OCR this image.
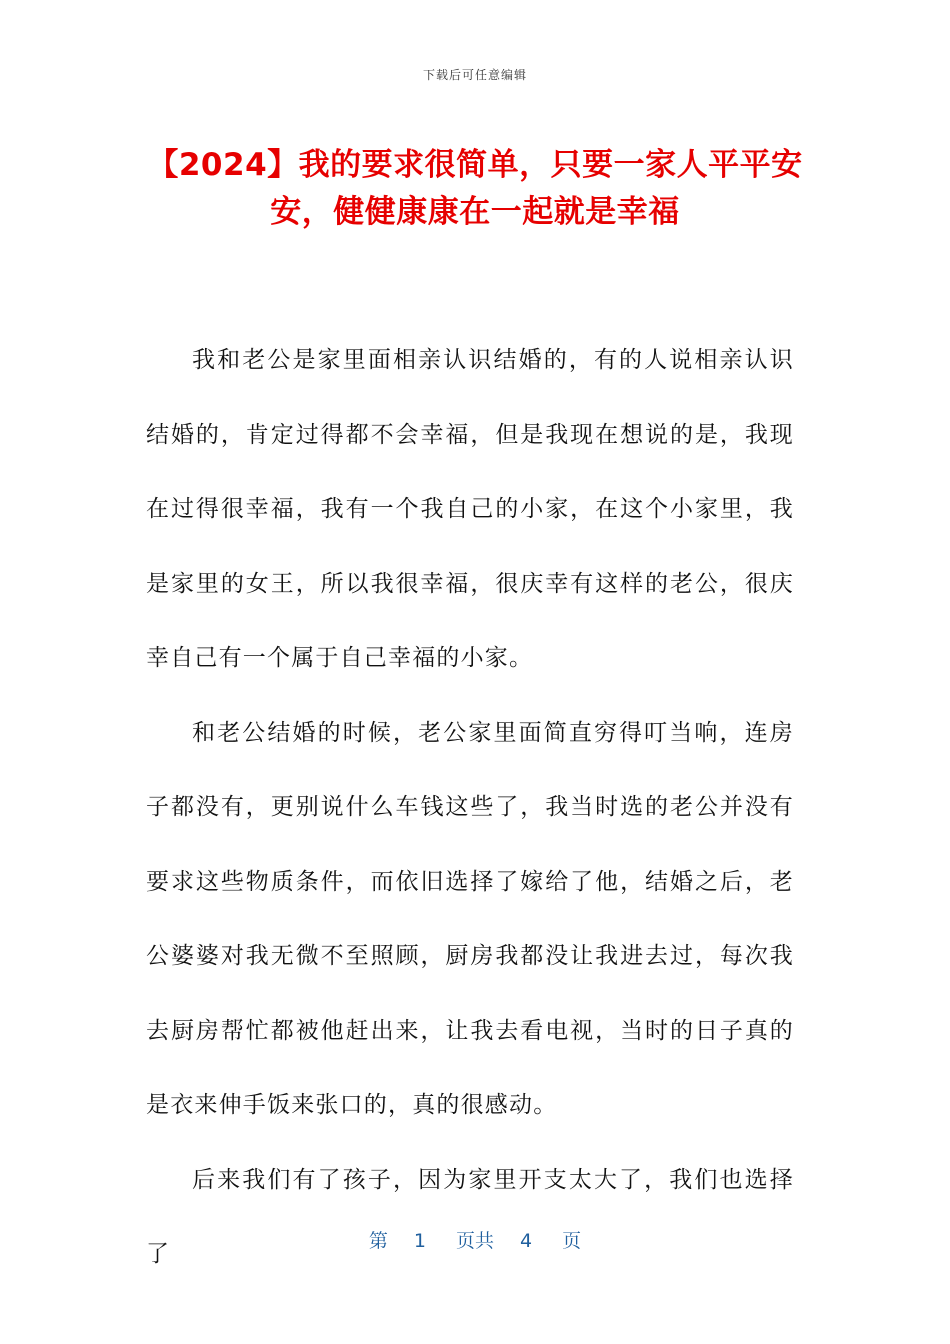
下载后可任意编辑
【2024】我的要求很简单，只要一家人平平安安，健健康康在一起就是幸福

我和老公是家里面相亲认识结婚的，有的人说相亲认识结婚的，肯定过得都不会幸福，但是我现在想说的是，我现在过得很幸福，我有一个我自己的小家，在这个小家里，我是家里的女王，所以我很幸福，很庆幸有这样的老公，很庆幸自己有一个属于自己幸福的小家。

和老公结婚的时候，老公家里面简直穷得叮当响，连房子都没有，更别说什么车钱这些了，我当时选的老公并没有要求这些物质条件，而依旧选择了嫁给了他，结婚之后，老公婆婆对我无微不至照顾，厨房我都没让我进去过，每次我去厨房帮忙都被他赶出来，让我去看电视，当时的日子真的是衣来伸手饭来张口的，真的很感动。

后来我们有了孩子，因为家里开支太大了，我们也选择了	第 1 页共 4 页
